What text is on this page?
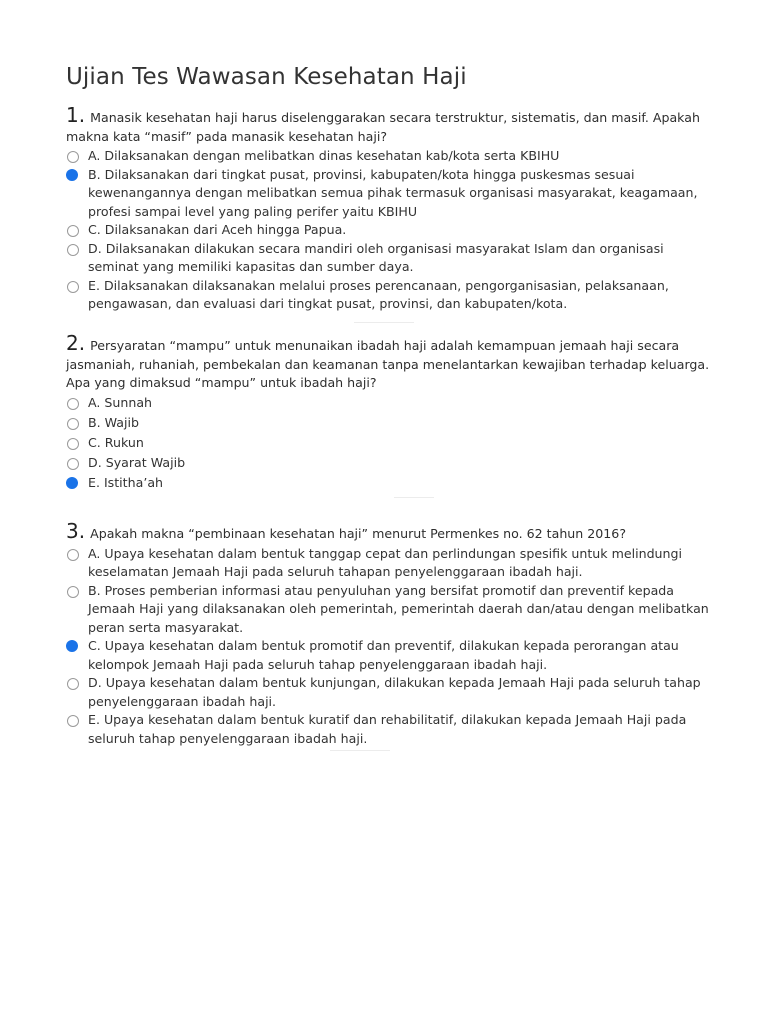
Ujian Tes Wawasan Kesehatan Haji

1. Manasik kesehatan haji harus diselenggarakan secara terstruktur, sistematis, dan masif. Apakah makna kata “masif” pada manasik kesehatan haji?

A. Dilaksanakan dengan melibatkan dinas kesehatan kab/kota serta KBIHU
B. Dilaksanakan dari tingkat pusat, provinsi, kabupaten/kota hingga puskesmas sesuai kewenangannya dengan melibatkan semua pihak termasuk organisasi masyarakat, keagamaan, profesi sampai level yang paling perifer yaitu KBIHU
C. Dilaksanakan dari Aceh hingga Papua.
D. Dilaksanakan dilakukan secara mandiri oleh organisasi masyarakat Islam dan organisasi seminat yang memiliki kapasitas dan sumber daya.
E. Dilaksanakan dilaksanakan melalui proses perencanaan, pengorganisasian, pelaksanaan, pengawasan, dan evaluasi dari tingkat pusat, provinsi, dan kabupaten/kota.

2. Persyaratan “mampu” untuk menunaikan ibadah haji adalah kemampuan jemaah haji secara jasmaniah, ruhaniah, pembekalan dan keamanan tanpa menelantarkan kewajiban terhadap keluarga. Apa yang dimaksud “mampu” untuk ibadah haji?

A. Sunnah
B. Wajib
C. Rukun
D. Syarat Wajib
E. Istitha’ah

3. Apakah makna “pembinaan kesehatan haji” menurut Permenkes no. 62 tahun 2016?

A. Upaya kesehatan dalam bentuk tanggap cepat dan perlindungan spesifik untuk melindungi keselamatan Jemaah Haji pada seluruh tahapan penyelenggaraan ibadah haji.
B. Proses pemberian informasi atau penyuluhan yang bersifat promotif dan preventif kepada Jemaah Haji yang dilaksanakan oleh pemerintah, pemerintah daerah dan/atau dengan melibatkan peran serta masyarakat.
C. Upaya kesehatan dalam bentuk promotif dan preventif, dilakukan kepada perorangan atau kelompok Jemaah Haji pada seluruh tahap penyelenggaraan ibadah haji.
D. Upaya kesehatan dalam bentuk kunjungan, dilakukan kepada Jemaah Haji pada seluruh tahap penyelenggaraan ibadah haji.
E. Upaya kesehatan dalam bentuk kuratif dan rehabilitatif, dilakukan kepada Jemaah Haji pada seluruh tahap penyelenggaraan ibadah haji.
